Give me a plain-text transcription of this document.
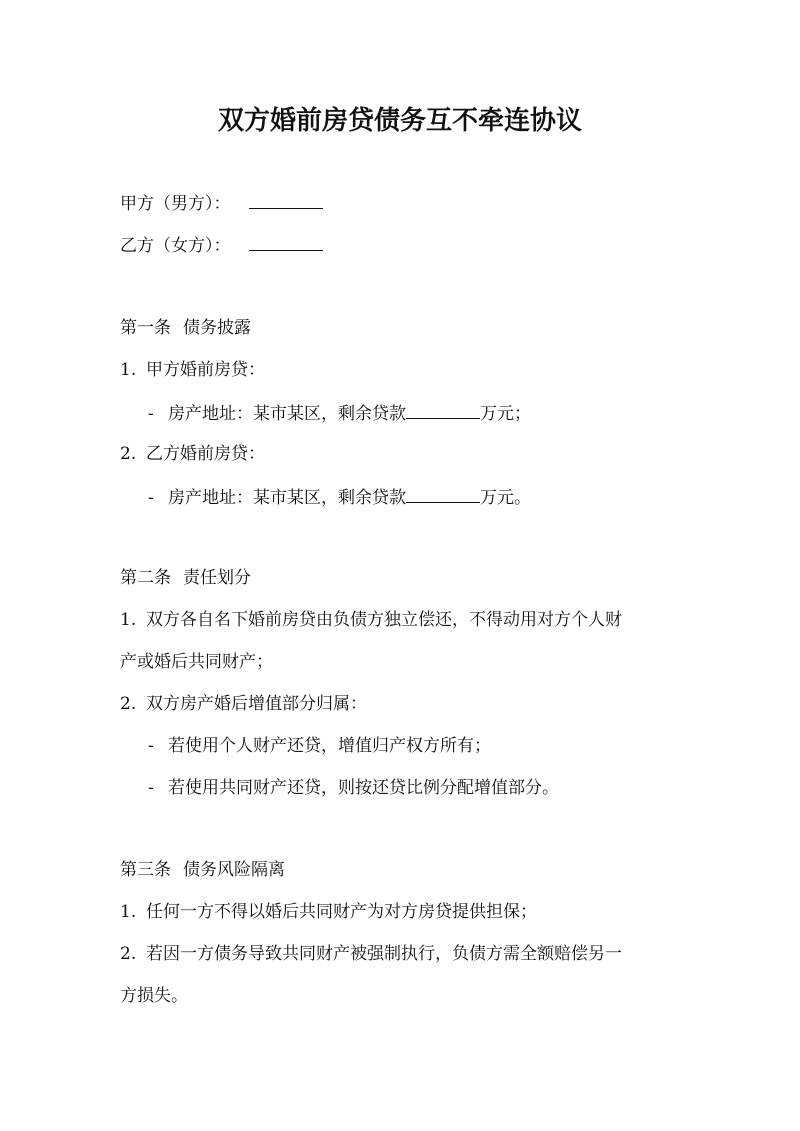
双方婚前房贷债务互不牵连协议
甲方（男方）：
乙方（女方）：
第一条 债务披露
1. 甲方婚前房贷：
- 房产地址：某市某区，剩余贷款	万元；
2. 乙方婚前房贷：
- 房产地址：某市某区，剩余贷款	万元。
第二条 责任划分
1. 双方各自名下婚前房贷由负债方独立偿还，不得动用对方个人财
产或婚后共同财产；
2. 双方房产婚后增值部分归属：
- 若使用个人财产还贷，增值归产权方所有；
- 若使用共同财产还贷，则按还贷比例分配增值部分。
第三条 债务风险隔离
1. 任何一方不得以婚后共同财产为对方房贷提供担保；
2. 若因一方债务导致共同财产被强制执行，负债方需全额赔偿另一
方损失。
